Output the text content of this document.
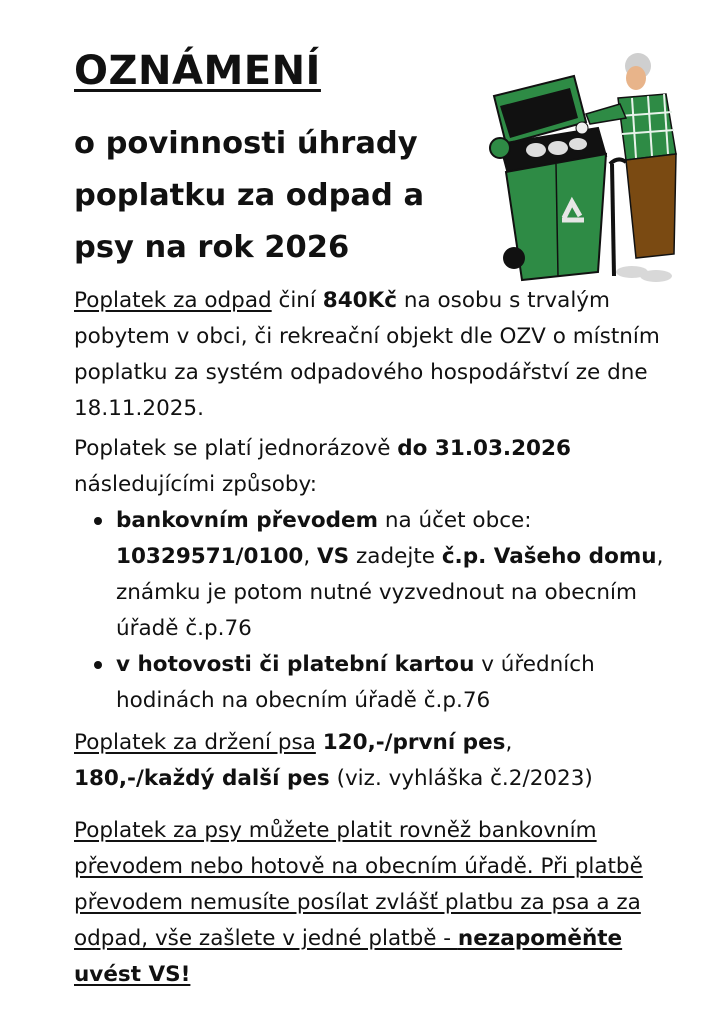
OZNÁMENÍ
o povinnosti úhrady poplatku za odpad a psy na rok 2026

Poplatek za odpad činí 840Kč na osobu s trvalým pobytem v obci, či rekreační objekt dle OZV o místním poplatku za systém odpadového hospodářství ze dne 18.11.2025.

Poplatek se platí jednorázově do 31.03.2026 následujícími způsoby:

bankovním převodem na účet obce: 10329571/0100, VS zadejte č.p. Vašeho domu, známku je potom nutné vyzvednout na obecním úřadě č.p.76
v hotovosti či platební kartou v úředních hodinách na obecním úřadě č.p.76

Poplatek za držení psa 120,-/první pes,
180,-/každý další pes (viz. vyhláška č.2/2023)

Poplatek za psy můžete platit rovněž bankovním převodem nebo hotově na obecním úřadě. Při platbě převodem nemusíte posílat zvlášť platbu za psa a za odpad, vše zašlete v jedné platbě - nezapoměňte uvést VS!
